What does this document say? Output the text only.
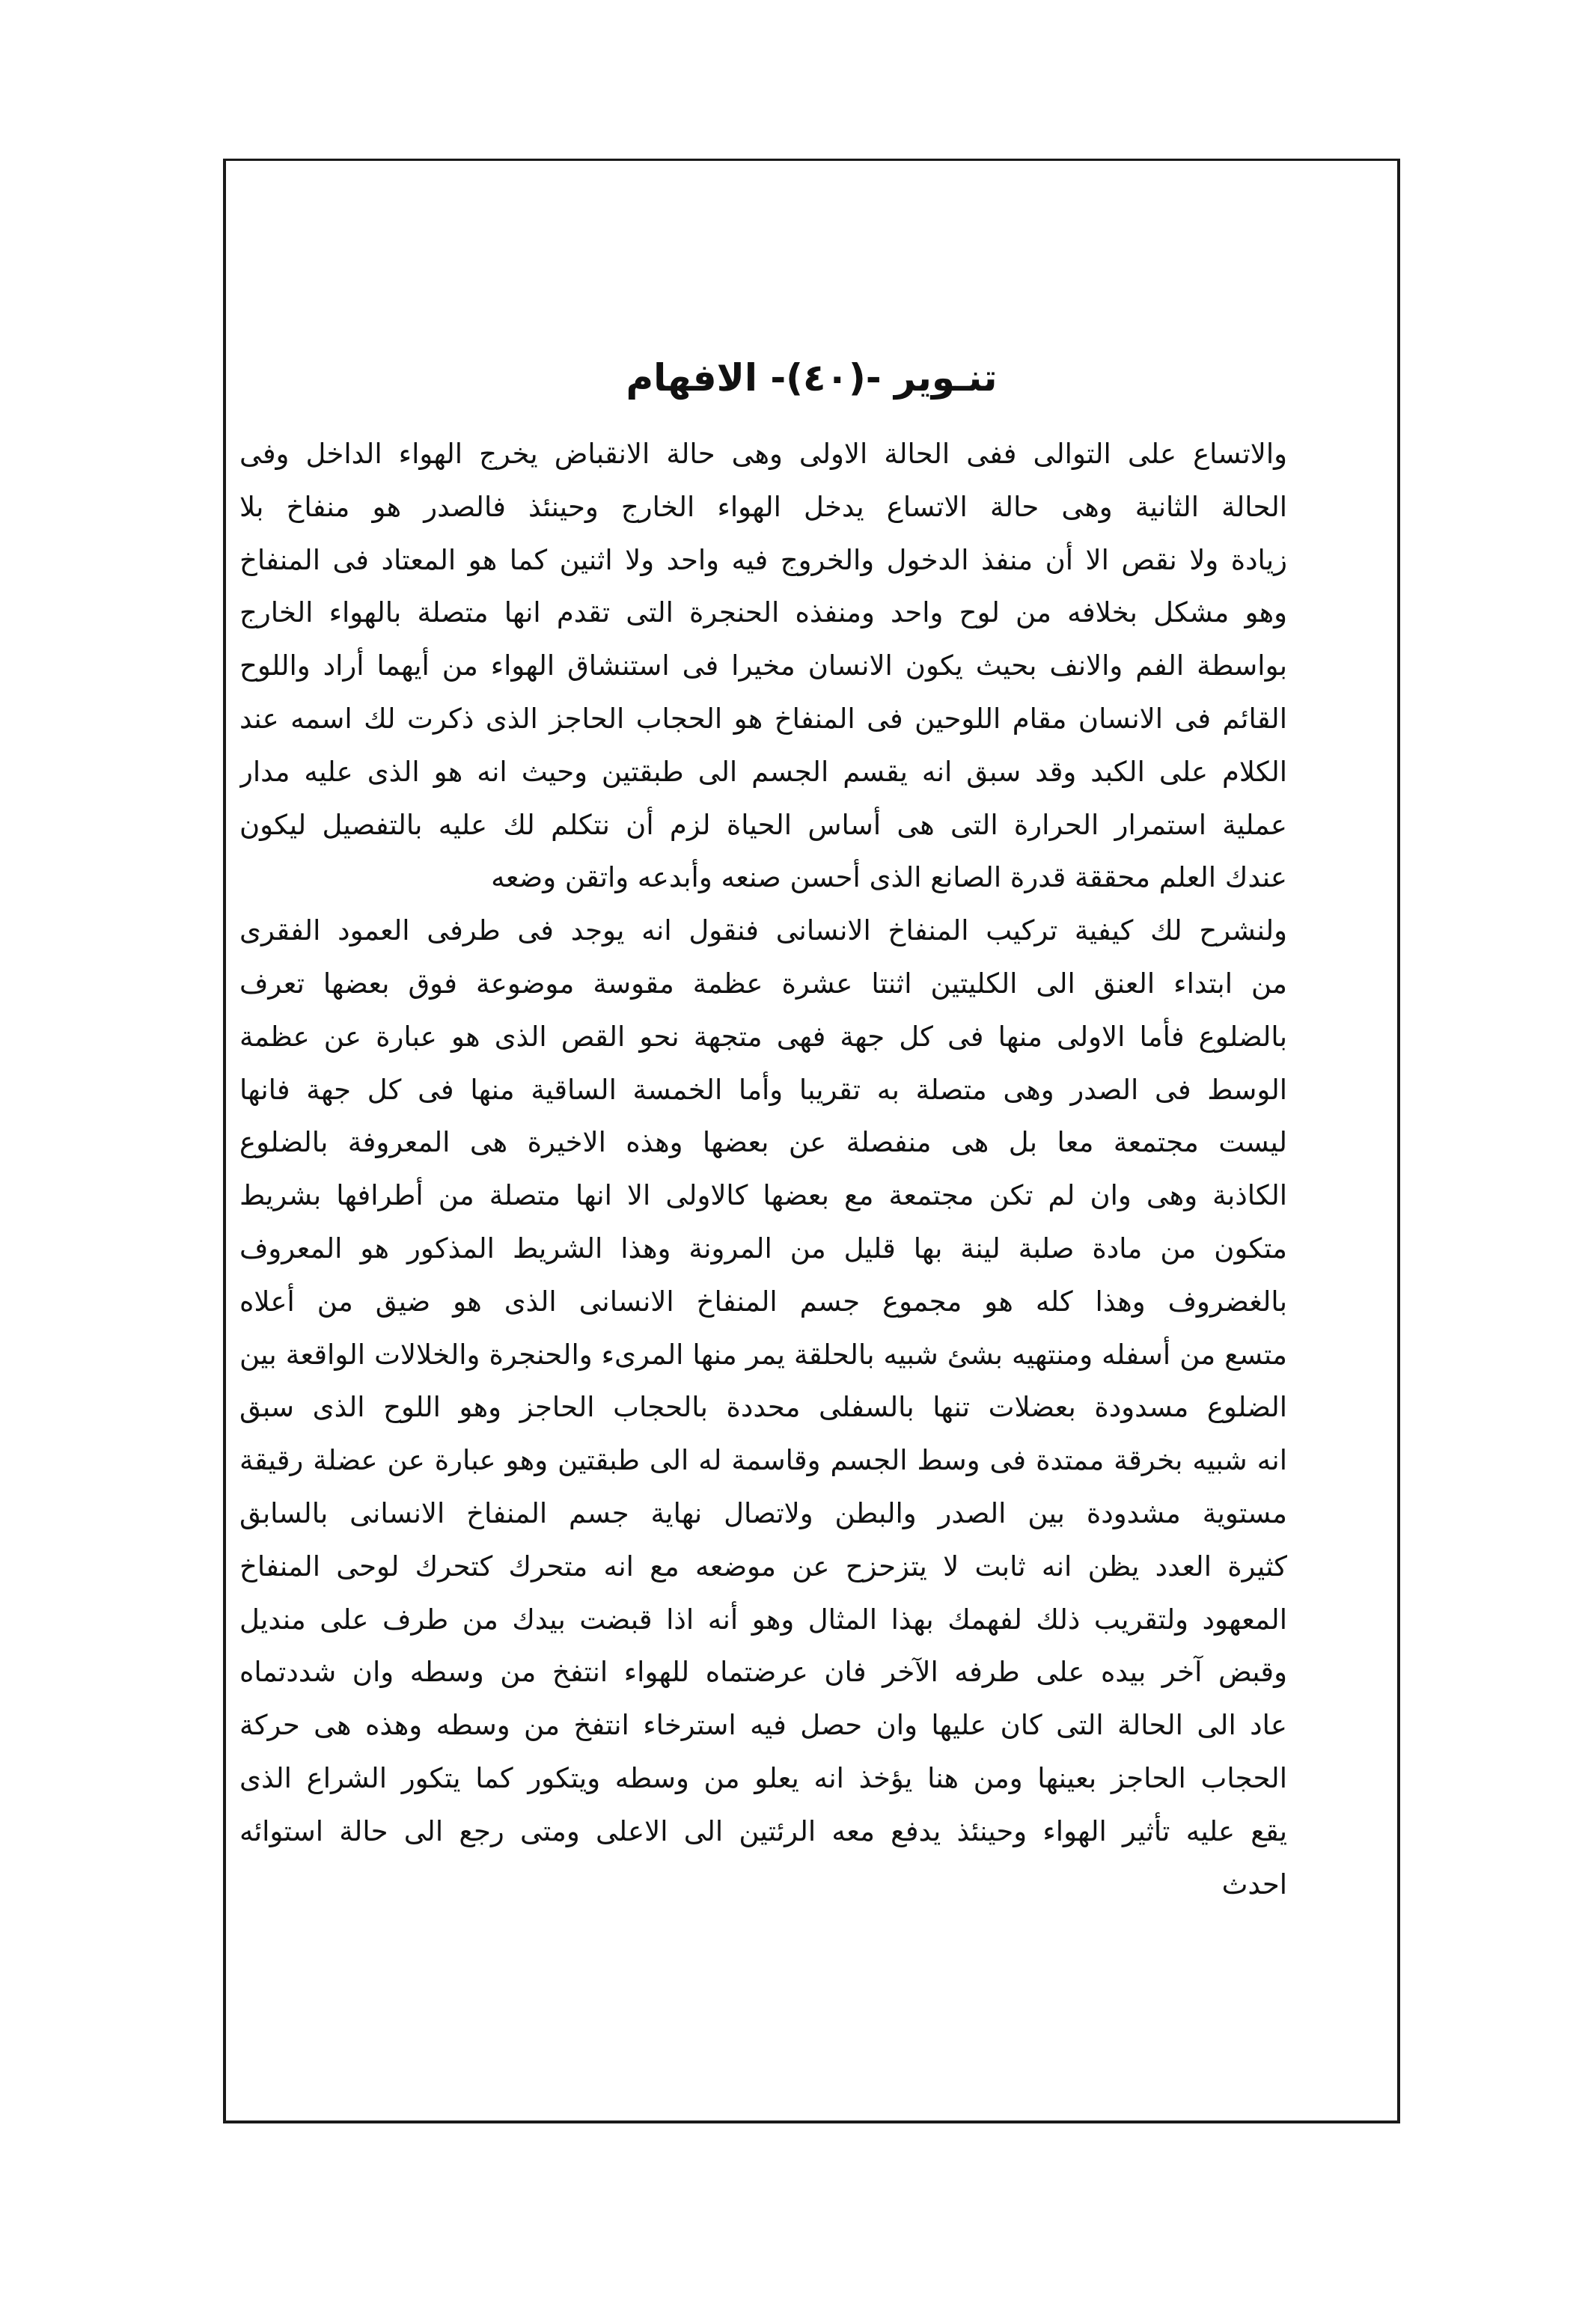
تنـوير -(٤٠)- الافهام
والاتساع على التوالى ففى الحالة الاولى وهى حالة الانقباض يخرج الهواء الداخل وفى
الحالة الثانية وهى حالة الاتساع يدخل الهواء الخارج وحينئذ فالصدر هو منفاخ بلا
زيادة ولا نقص الا أن منفذ الدخول والخروج فيه واحد ولا اثنين كما هو المعتاد فى المنفاخ
وهو مشكل بخلافه من لوح واحد ومنفذه الحنجرة التى تقدم انها متصلة بالهواء الخارج
بواسطة الفم والانف بحيث يكون الانسان مخيرا فى استنشاق الهواء من أيهما أراد واللوح
القائم فى الانسان مقام اللوحين فى المنفاخ هو الحجاب الحاجز الذى ذكرت لك اسمه عند
الكلام على الكبد وقد سبق انه يقسم الجسم الى طبقتين وحيث انه هو الذى عليه مدار
عملية استمرار الحرارة التى هى أساس الحياة لزم أن نتكلم لك عليه بالتفصيل ليكون
عندك العلم محققة قدرة الصانع الذى أحسن صنعه وأبدعه واتقن وضعه
ولنشرح لك كيفية تركيب المنفاخ الانسانى فنقول انه يوجد فى طرفى العمود الفقرى
من ابتداء العنق الى الكليتين اثنتا عشرة عظمة مقوسة موضوعة فوق بعضها تعرف
بالضلوع فأما الاولى منها فى كل جهة فهى متجهة نحو القص الذى هو عبارة عن عظمة
الوسط فى الصدر وهى متصلة به تقريبا وأما الخمسة الساقية منها فى كل جهة فانها
ليست مجتمعة معا بل هى منفصلة عن بعضها وهذه الاخيرة هى المعروفة بالضلوع
الكاذبة وهى وان لم تكن مجتمعة مع بعضها كالاولى الا انها متصلة من أطرافها بشريط
متكون من مادة صلبة لينة بها قليل من المرونة وهذا الشريط المذكور هو المعروف
بالغضروف وهذا كله هو مجموع جسم المنفاخ الانسانى الذى هو ضيق من أعلاه
متسع من أسفله ومنتهيه بشئ شبيه بالحلقة يمر منها المرىء والحنجرة والخلالات الواقعة بين
الضلوع مسدودة بعضلات تنها بالسفلى محددة بالحجاب الحاجز وهو اللوح الذى سبق
انه شبيه بخرقة ممتدة فى وسط الجسم وقاسمة له الى طبقتين وهو عبارة عن عضلة رقيقة
مستوية مشدودة بين الصدر والبطن ولاتصال نهاية جسم المنفاخ الانسانى بالسابق
كثيرة العدد يظن انه ثابت لا يتزحزح عن موضعه مع انه متحرك كتحرك لوحى المنفاخ
المعهود ولتقريب ذلك لفهمك بهذا المثال وهو أنه اذا قبضت بيدك من طرف على منديل
وقبض آخر بيده على طرفه الآخر فان عرضتماه للهواء انتفخ من وسطه وان شددتماه
عاد الى الحالة التى كان عليها وان حصل فيه استرخاء انتفخ من وسطه وهذه هى حركة
الحجاب الحاجز بعينها ومن هنا يؤخذ انه يعلو من وسطه ويتكور كما يتكور الشراع الذى
يقع عليه تأثير الهواء وحينئذ يدفع معه الرئتين الى الاعلى ومتى رجع الى حالة استوائه
احدث
